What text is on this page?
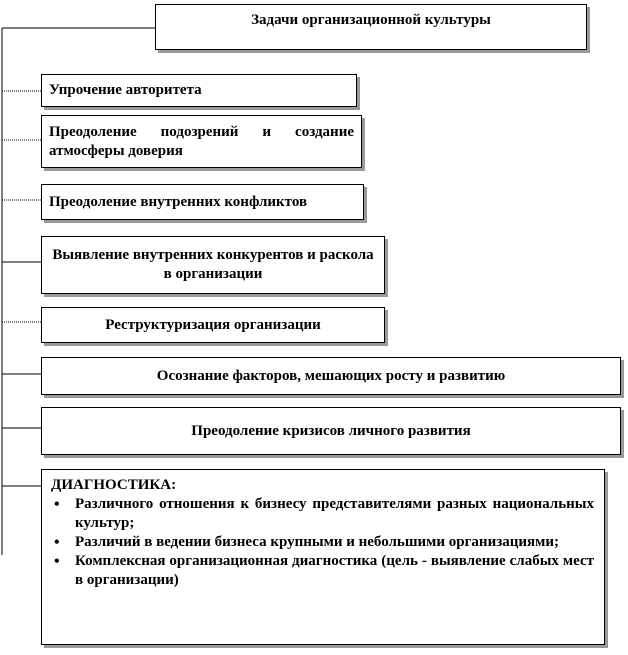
Задачи организационной культуры
Упрочение авторитета
Преодоление подозрений и создание атмосферы доверия
Преодоление внутренних конфликтов
Выявление внутренних конкурентов и раскола в организации
Реструктуризация организации
Осознание факторов, мешающих росту и развитию
Преодоление кризисов личного развития
ДИАГНОСТИКА:
• Различного отношения к бизнесу представителями разных национальных культур;
• Различий в ведении бизнеса крупными и небольшими организациями;
• Комплексная организационная диагностика (цель - выявление слабых мест в организации)
